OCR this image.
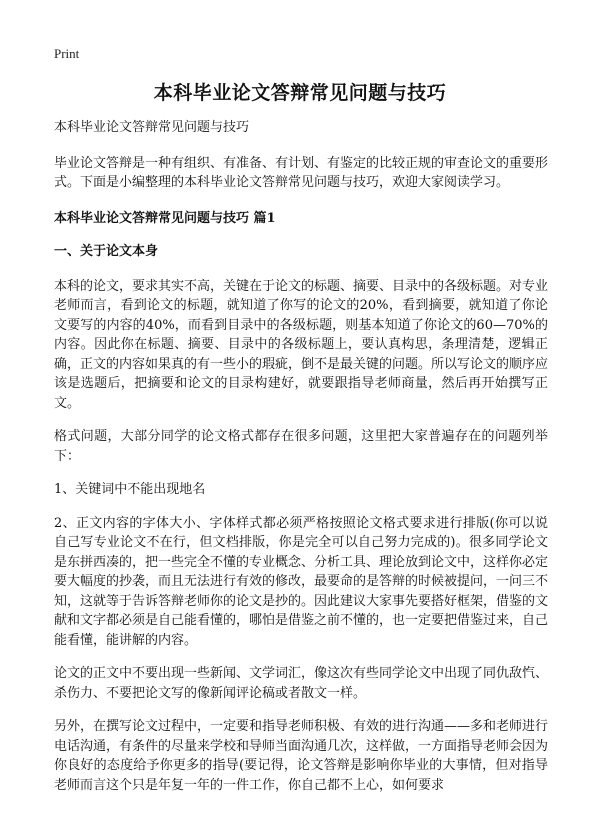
Print
本科毕业论文答辩常见问题与技巧

本科毕业论文答辩常见问题与技巧

毕业论文答辩是一种有组织、有准备、有计划、有鉴定的比较正规的审查论文的重要形式。下面是小编整理的本科毕业论文答辩常见问题与技巧，欢迎大家阅读学习。

本科毕业论文答辩常见问题与技巧 篇1
一、关于论文本身

本科的论文，要求其实不高，关键在于论文的标题、摘要、目录中的各级标题。对专业老师而言，看到论文的标题，就知道了你写的论文的20%，看到摘要，就知道了你论文要写的内容的40%，而看到目录中的各级标题，则基本知道了你论文的60—70%的内容。因此你在标题、摘要、目录中的各级标题上，要认真构思，条理清楚，逻辑正确，正文的内容如果真的有一些小的瑕疵，倒不是最关键的问题。所以写论文的顺序应该是选题后，把摘要和论文的目录构建好，就要跟指导老师商量，然后再开始撰写正文。

格式问题，大部分同学的论文格式都存在很多问题，这里把大家普遍存在的问题列举下：

1、关键词中不能出现地名

2、正文内容的字体大小、字体样式都必须严格按照论文格式要求进行排版(你可以说自己写专业论文不在行，但文档排版，你是完全可以自己努力完成的)。很多同学论文是东拼西凑的，把一些完全不懂的专业概念、分析工具、理论放到论文中，这样你必定要大幅度的抄袭，而且无法进行有效的修改，最要命的是答辩的时候被提问，一问三不知，这就等于告诉答辩老师你的论文是抄的。因此建议大家事先要搭好框架，借鉴的文献和文字都必须是自己能看懂的，哪怕是借鉴之前不懂的，也一定要把借鉴过来，自己能看懂，能讲解的内容。

论文的正文中不要出现一些新闻、文学词汇，像这次有些同学论文中出现了同仇敌忾、杀伤力、不要把论文写的像新闻评论稿或者散文一样。

另外，在撰写论文过程中，一定要和指导老师积极、有效的进行沟通——多和老师进行电话沟通，有条件的尽量来学校和导师当面沟通几次，这样做，一方面指导老师会因为你良好的态度给予你更多的指导(要记得，论文答辩是影响你毕业的大事情，但对指导老师而言这个只是年复一年的一件工作，你自己都不上心，如何要求
